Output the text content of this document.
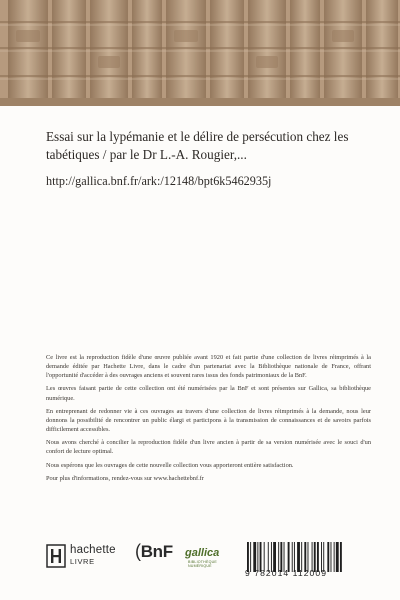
Essai sur la lypémanie et le délire de persécution chez les tabétiques / par le Dr L.-A. Rougier,...
http://gallica.bnf.fr/ark:/12148/bpt6k5462935j

Ce livre est la reproduction fidèle d'une œuvre publiée avant 1920 et fait partie d'une collection de livres réimprimés à la demande éditée par Hachette Livre, dans le cadre d'un partenariat avec la Bibliothèque nationale de France, offrant l'opportunité d'accéder à des ouvrages anciens et souvent rares issus des fonds patrimoniaux de la BnF.

Les œuvres faisant partie de cette collection ont été numérisées par la BnF et sont présentes sur Gallica, sa bibliothèque numérique.

En entreprenant de redonner vie à ces ouvrages au travers d'une collection de livres réimprimés à la demande, nous leur donnons la possibilité de rencontrer un public élargi et participons à la transmission de connaissances et de savoirs parfois difficilement accessibles.

Nous avons cherché à concilier la reproduction fidèle d'un livre ancien à partir de sa version numérisée avec le souci d'un confort de lecture optimal.

Nous espérons que les ouvrages de cette nouvelle collection vous apporteront entière satisfaction.

Pour plus d'informations, rendez-vous sur www.hachettebnf.fr

hachette
LIVRE
(BnF gallica
BIBLIOTHÈQUE NUMÉRIQUE
9 782014 112009
